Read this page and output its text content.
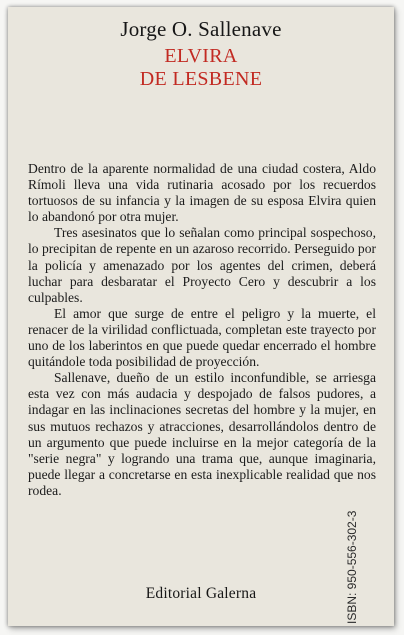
Jorge O. Sallenave
ELVIRA
DE LESBENE

Dentro de la aparente normalidad de una ciudad costera, Aldo Rímoli lleva una vida rutinaria acosado por los recuerdos tortuosos de su infancia y la imagen de su esposa Elvira quien lo abandonó por otra mujer.

Tres asesinatos que lo señalan como principal sospechoso, lo precipitan de repente en un azaroso recorrido. Perseguido por la policía y amenazado por los agentes del crimen, deberá luchar para desbaratar el Proyecto Cero y descubrir a los culpables.

El amor que surge de entre el peligro y la muerte, el renacer de la virilidad conflictuada, completan este trayecto por uno de los laberintos en que puede quedar encerrado el hombre quitándole toda posibilidad de proyección.

Sallenave, dueño de un estilo inconfundible, se arriesga esta vez con más audacia y despojado de falsos pudores, a indagar en las inclinaciones secretas del hombre y la mujer, en sus mutuos rechazos y atracciones, desarrollándolos dentro de un argumento que puede incluirse en la mejor categoría de la "serie negra" y logrando una trama que, aunque imaginaria, puede llegar a concretarse en esta inexplicable realidad que nos rodea.

ISBN: 950-556-302-3
Editorial Galerna
